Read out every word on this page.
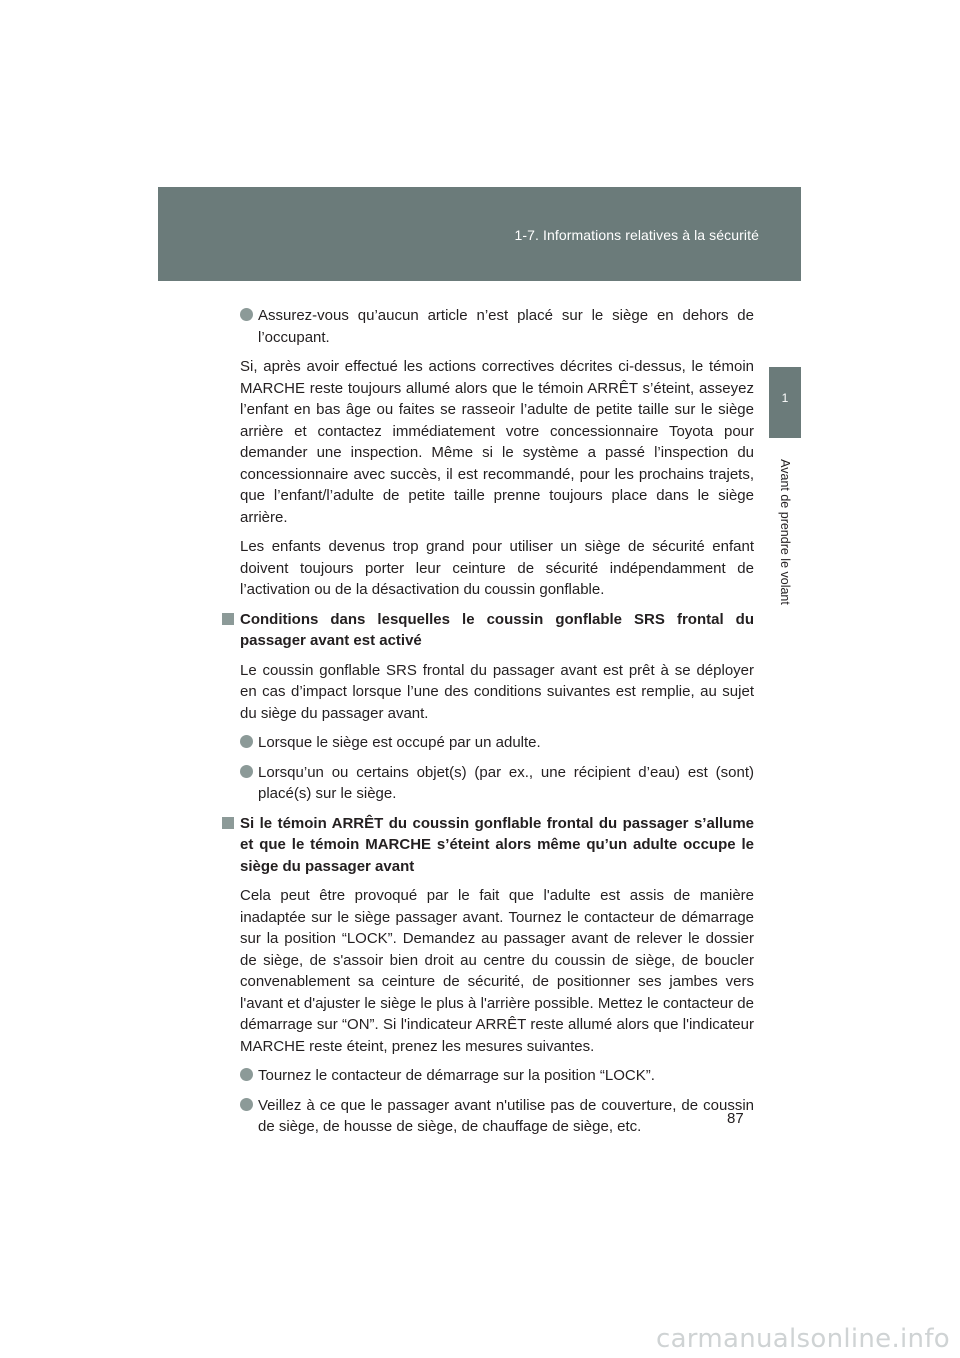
1-7. Informations relatives à la sécurité
1
Avant de prendre le volant
Assurez-vous qu’aucun article n’est placé sur le siège en dehors de l’occupant.
Si, après avoir effectué les actions correctives décrites ci-dessus, le témoin MARCHE reste toujours allumé alors que le témoin ARRÊT s’éteint, asseyez l’enfant en bas âge ou faites se rasseoir l’adulte de petite taille sur le siège arrière et contactez immédiatement votre concessionnaire Toyota pour demander une inspection. Même si le système a passé l’inspection du concessionnaire avec succès, il est recommandé, pour les prochains trajets, que l’enfant/l’adulte de petite taille prenne toujours place dans le siège arrière.
Les enfants devenus trop grand pour utiliser un siège de sécurité enfant doivent toujours porter leur ceinture de sécurité indépendamment de l’activation ou de la désactivation du coussin gonflable.
Conditions dans lesquelles le coussin gonflable SRS frontal du passager avant est activé
Le coussin gonflable SRS frontal du passager avant est prêt à se déployer en cas d’impact lorsque l’une des conditions suivantes est remplie, au sujet du siège du passager avant.
Lorsque le siège est occupé par un adulte.
Lorsqu’un ou certains objet(s) (par ex., une récipient d’eau) est (sont) placé(s) sur le siège.
Si le témoin ARRÊT du coussin gonflable frontal du passager s’allume et que le témoin MARCHE s’éteint alors même qu’un adulte occupe le siège du passager avant
Cela peut être provoqué par le fait que l'adulte est assis de manière inadaptée sur le siège passager avant. Tournez le contacteur de démarrage sur la position “LOCK”. Demandez au passager avant de relever le dossier de siège, de s'assoir bien droit au centre du coussin de siège, de boucler convenablement sa ceinture de sécurité, de positionner ses jambes vers l'avant et d'ajuster le siège le plus à l'arrière possible. Mettez le contacteur de démarrage sur “ON”. Si l'indicateur ARRÊT reste allumé alors que l'indicateur MARCHE reste éteint, prenez les mesures suivantes.
Tournez le contacteur de démarrage sur la position “LOCK”.
Veillez à ce que le passager avant n'utilise pas de couverture, de coussin de siège, de housse de siège, de chauffage de siège, etc.	87
carmanualsonline.info
